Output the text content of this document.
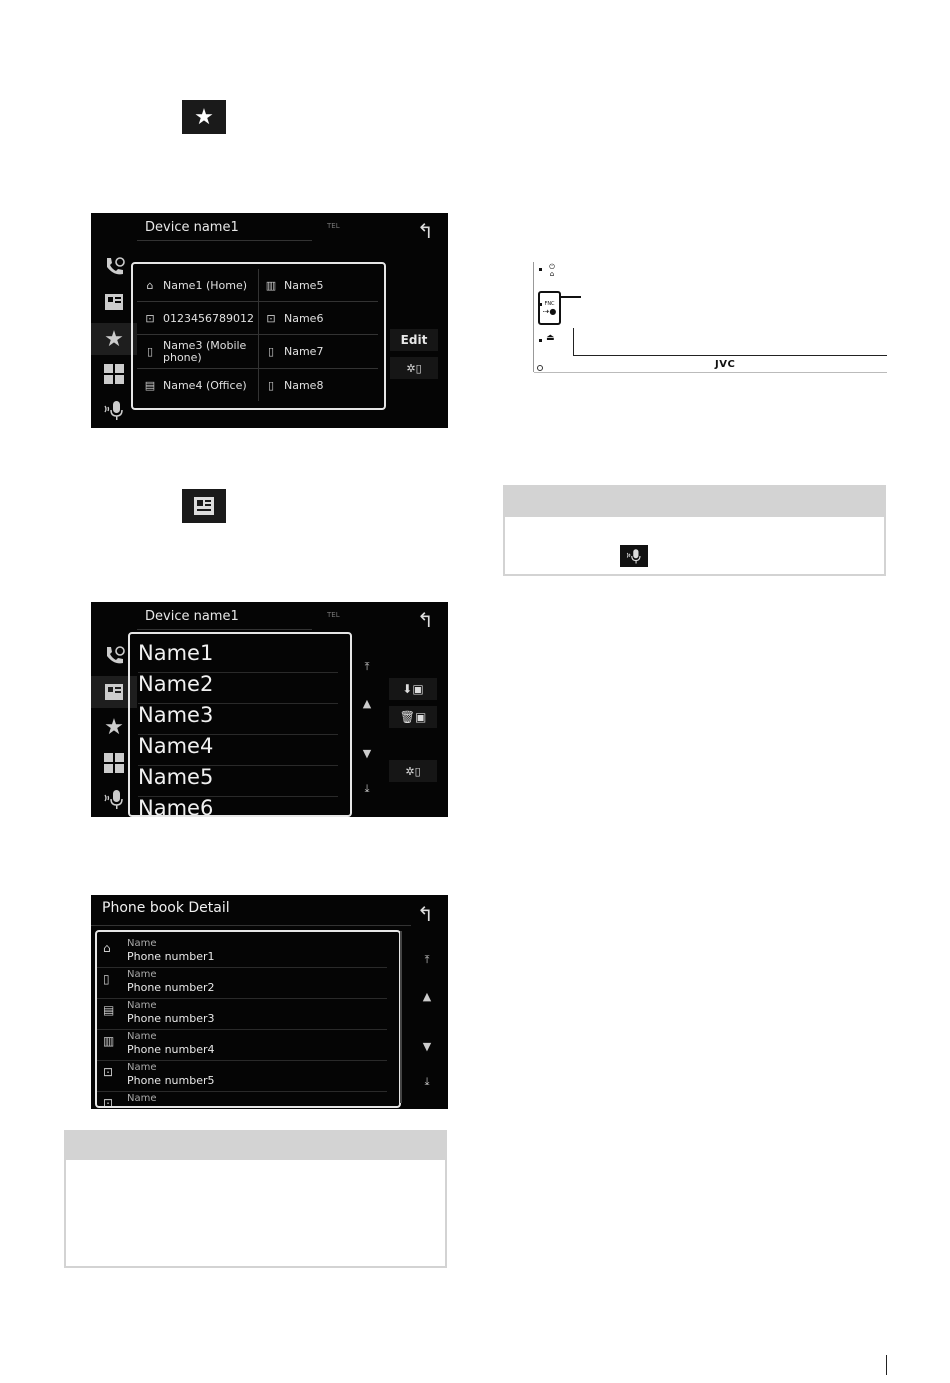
★
Device name1	TEL	↰
★
⌂ Name1 (Home) ▥ Name5
⊡ 0123456789012 ⊡ Name6
▯ Name3 (Mobile phone)	▯ Name7
▤ Name4 (Office)	▯ Name8
Edit
✲▯
Device name1	TEL	↰
★
Name1
Name2
Name3
Name4
Name5
Name6
⤒
▲
▼
⤓
⬇▣
🗑▣
✲▯
Phone book Detail	↰
⌂ Name
Phone number1
▯ Name
Phone number2
▤ Name
Phone number3
▥ Name
Phone number4
⊡ Name
Phone number5
⊡ Name
⤒
▲
▼
⤓
⏻
⌂
FNC
⇢●
⏏
JVC
